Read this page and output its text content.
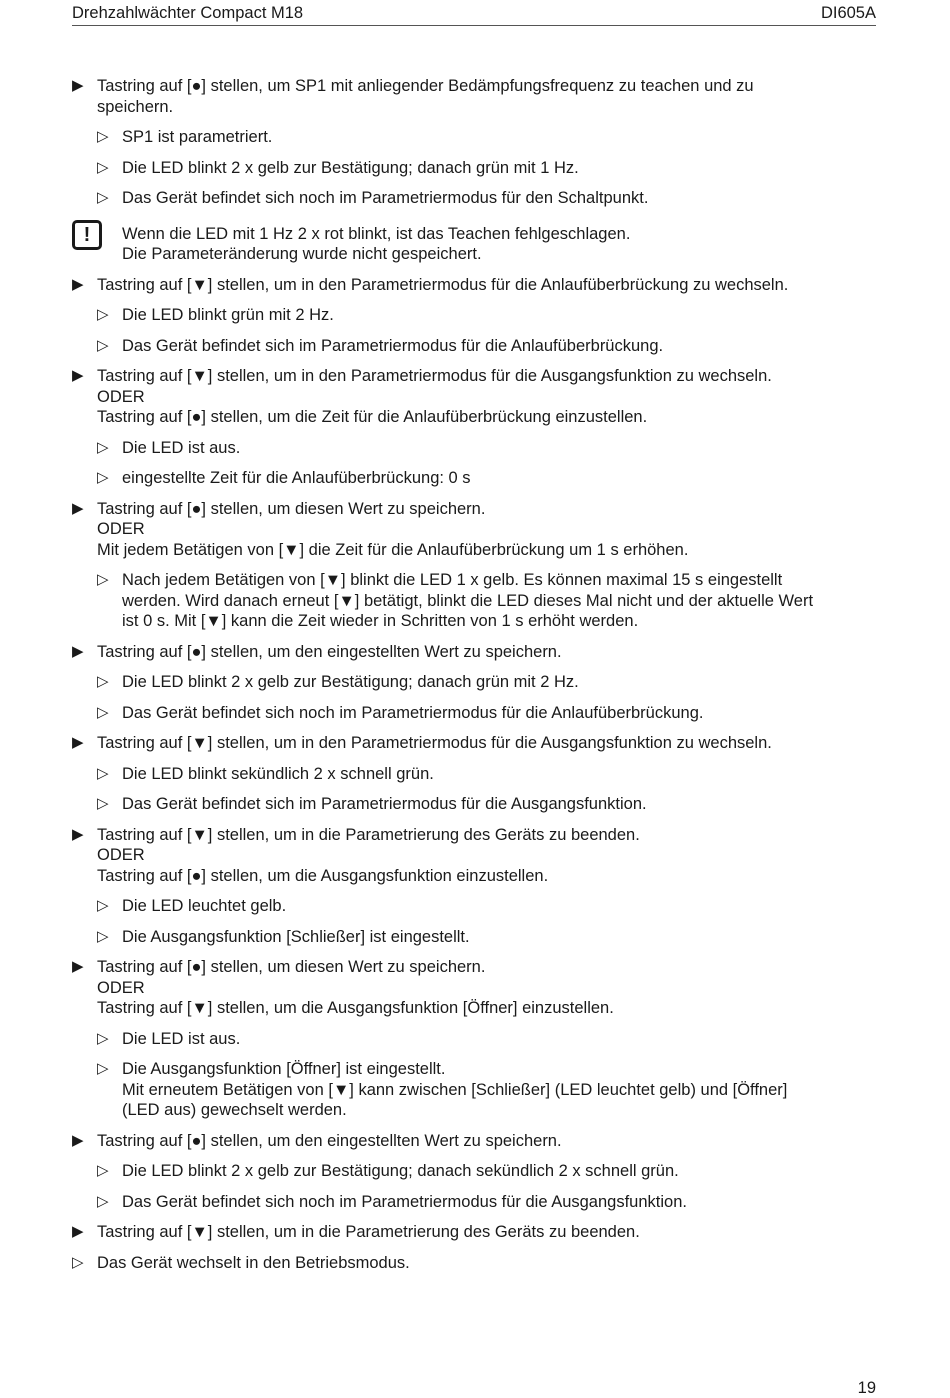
Drehzahlwächter Compact M18	DI605A
▶ Tastring auf [●] stellen, um SP1 mit anliegender Bedämpfungsfrequenz zu teachen und zu
speichern.
▷ SP1 ist parametriert.
▷ Die LED blinkt 2 x gelb zur Bestätigung; danach grün mit 1 Hz.
▷ Das Gerät befindet sich noch im Parametriermodus für den Schaltpunkt.
!	Wenn die LED mit 1 Hz 2 x rot blinkt, ist das Teachen fehlgeschlagen.
Die Parameteränderung wurde nicht gespeichert.
▶ Tastring auf [▼] stellen, um in den Parametriermodus für die Anlaufüberbrückung zu wechseln.
▷ Die LED blinkt grün mit 2 Hz.
▷ Das Gerät befindet sich im Parametriermodus für die Anlaufüberbrückung.
▶ Tastring auf [▼] stellen, um in den Parametriermodus für die Ausgangsfunktion zu wechseln.
ODER
Tastring auf [●] stellen, um die Zeit für die Anlaufüberbrückung einzustellen.
▷ Die LED ist aus.
▷ eingestellte Zeit für die Anlaufüberbrückung: 0 s
▶ Tastring auf [●] stellen, um diesen Wert zu speichern.
ODER
Mit jedem Betätigen von [▼] die Zeit für die Anlaufüberbrückung um 1 s erhöhen.
▷ Nach jedem Betätigen von [▼] blinkt die LED 1 x gelb. Es können maximal 15 s eingestellt
werden. Wird danach erneut [▼] betätigt, blinkt die LED dieses Mal nicht und der aktuelle Wert
ist 0 s. Mit [▼] kann die Zeit wieder in Schritten von 1 s erhöht werden.
▶ Tastring auf [●] stellen, um den eingestellten Wert zu speichern.
▷ Die LED blinkt 2 x gelb zur Bestätigung; danach grün mit 2 Hz.
▷ Das Gerät befindet sich noch im Parametriermodus für die Anlaufüberbrückung.
▶ Tastring auf [▼] stellen, um in den Parametriermodus für die Ausgangsfunktion zu wechseln.
▷ Die LED blinkt sekündlich 2 x schnell grün.
▷ Das Gerät befindet sich im Parametriermodus für die Ausgangsfunktion.
▶ Tastring auf [▼] stellen, um in die Parametrierung des Geräts zu beenden.
ODER
Tastring auf [●] stellen, um die Ausgangsfunktion einzustellen.
▷ Die LED leuchtet gelb.
▷ Die Ausgangsfunktion [Schließer] ist eingestellt.
▶ Tastring auf [●] stellen, um diesen Wert zu speichern.
ODER
Tastring auf [▼] stellen, um die Ausgangsfunktion [Öffner] einzustellen.
▷ Die LED ist aus.
▷ Die Ausgangsfunktion [Öffner] ist eingestellt.
Mit erneutem Betätigen von [▼] kann zwischen [Schließer] (LED leuchtet gelb) und [Öffner]
(LED aus) gewechselt werden.
▶ Tastring auf [●] stellen, um den eingestellten Wert zu speichern.
▷ Die LED blinkt 2 x gelb zur Bestätigung; danach sekündlich 2 x schnell grün.
▷ Das Gerät befindet sich noch im Parametriermodus für die Ausgangsfunktion.
▶ Tastring auf [▼] stellen, um in die Parametrierung des Geräts zu beenden.
▷ Das Gerät wechselt in den Betriebsmodus.
19
